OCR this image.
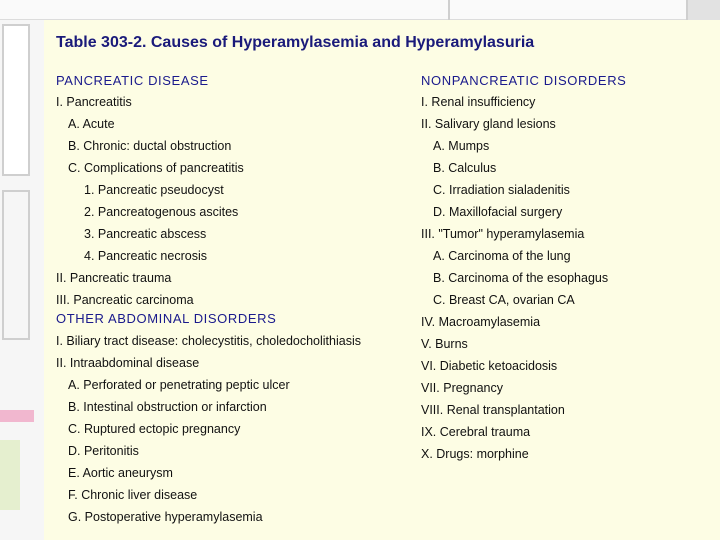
Table 303-2. Causes of Hyperamylasemia and Hyperamylasuria
PANCREATIC DISEASE
I. Pancreatitis
A. Acute
B. Chronic: ductal obstruction
C. Complications of pancreatitis
1. Pancreatic pseudocyst
2. Pancreatogenous ascites
3. Pancreatic abscess
4. Pancreatic necrosis
II. Pancreatic trauma
III. Pancreatic carcinoma
OTHER ABDOMINAL DISORDERS
I. Biliary tract disease: cholecystitis, choledocholithiasis
II. Intraabdominal disease
A. Perforated or penetrating peptic ulcer
B. Intestinal obstruction or infarction
C. Ruptured ectopic pregnancy
D. Peritonitis
E. Aortic aneurysm
F. Chronic liver disease
G. Postoperative hyperamylasemia
NONPANCREATIC DISORDERS
I. Renal insufficiency
II. Salivary gland lesions
A. Mumps
B. Calculus
C. Irradiation sialadenitis
D. Maxillofacial surgery
III. "Tumor" hyperamylasemia
A. Carcinoma of the lung
B. Carcinoma of the esophagus
C. Breast CA, ovarian CA
IV. Macroamylasemia
V. Burns
VI. Diabetic ketoacidosis
VII. Pregnancy
VIII. Renal transplantation
IX. Cerebral trauma
X. Drugs: morphine
